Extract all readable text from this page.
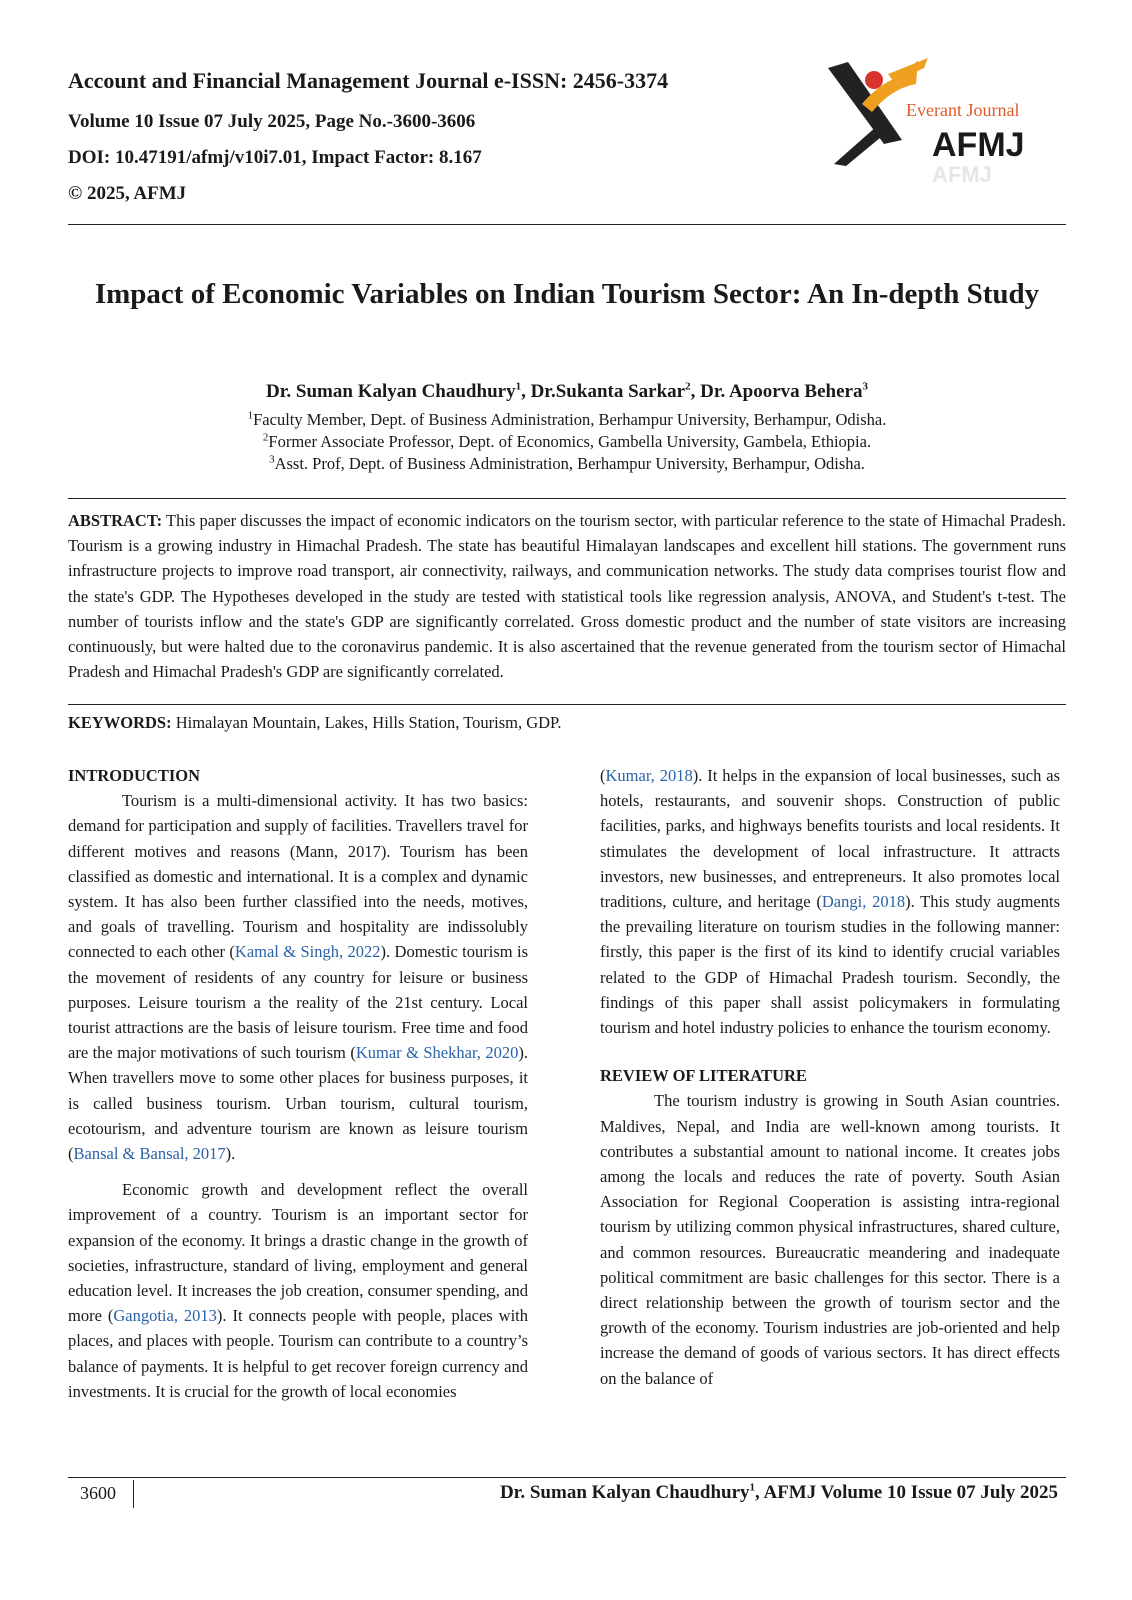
Account and Financial Management Journal e-ISSN: 2456-3374
Volume 10 Issue 07 July 2025, Page No.-3600-3606
DOI: 10.47191/afmj/v10i7.01, Impact Factor: 8.167
© 2025, AFMJ
Everant Journal
AFMJ
AFMJ
Impact of Economic Variables on Indian Tourism Sector: An In-depth Study
Dr. Suman Kalyan Chaudhury$^1$, Dr.Sukanta Sarkar$^2$, Dr. Apoorva Behera$^3$
$^1$Faculty Member, Dept. of Business Administration, Berhampur University, Berhampur, Odisha.
$^2$Former Associate Professor, Dept. of Economics, Gambella University, Gambela, Ethiopia.
$^3$Asst. Prof, Dept. of Business Administration, Berhampur University, Berhampur, Odisha.
ABSTRACT: This paper discusses the impact of economic indicators on the tourism sector, with particular reference to the state of Himachal Pradesh. Tourism is a growing industry in Himachal Pradesh. The state has beautiful Himalayan landscapes and excellent hill stations. The government runs infrastructure projects to improve road transport, air connectivity, railways, and communication networks. The study data comprises tourist flow and the state's GDP. The Hypotheses developed in the study are tested with statistical tools like regression analysis, ANOVA, and Student's t-test. The number of tourists inflow and the state's GDP are significantly correlated. Gross domestic product and the number of state visitors are increasing continuously, but were halted due to the coronavirus pandemic. It is also ascertained that the revenue generated from the tourism sector of Himachal Pradesh and Himachal Pradesh's GDP are significantly correlated.
KEYWORDS: Himalayan Mountain, Lakes, Hills Station, Tourism, GDP.

INTRODUCTION

Tourism is a multi-dimensional activity. It has two basics: demand for participation and supply of facilities. Travellers travel for different motives and reasons (Mann, 2017). Tourism has been classified as domestic and international. It is a complex and dynamic system. It has also been further classified into the needs, motives, and goals of travelling. Tourism and hospitality are indissolubly connected to each other (Kamal & Singh, 2022). Domestic tourism is the movement of residents of any country for leisure or business purposes. Leisure tourism a the reality of the 21st century. Local tourist attractions are the basis of leisure tourism. Free time and food are the major motivations of such tourism (Kumar & Shekhar, 2020). When travellers move to some other places for business purposes, it is called business tourism. Urban tourism, cultural tourism, ecotourism, and adventure tourism are known as leisure tourism (Bansal & Bansal, 2017).

Economic growth and development reflect the overall improvement of a country. Tourism is an important sector for expansion of the economy. It brings a drastic change in the growth of societies, infrastructure, standard of living, employment and general education level. It increases the job creation, consumer spending, and more (Gangotia, 2013). It connects people with people, places with places, and places with people. Tourism can contribute to a country’s balance of payments. It is helpful to get recover foreign currency and investments. It is crucial for the growth of local economies

(Kumar, 2018). It helps in the expansion of local businesses, such as hotels, restaurants, and souvenir shops. Construction of public facilities, parks, and highways benefits tourists and local residents. It stimulates the development of local infrastructure. It attracts investors, new businesses, and entrepreneurs. It also promotes local traditions, culture, and heritage (Dangi, 2018). This study augments the prevailing literature on tourism studies in the following manner: firstly, this paper is the first of its kind to identify crucial variables related to the GDP of Himachal Pradesh tourism. Secondly, the findings of this paper shall assist policymakers in formulating tourism and hotel industry policies to enhance the tourism economy.

REVIEW OF LITERATURE

The tourism industry is growing in South Asian countries. Maldives, Nepal, and India are well-known among tourists. It contributes a substantial amount to national income. It creates jobs among the locals and reduces the rate of poverty. South Asian Association for Regional Cooperation is assisting intra-regional tourism by utilizing common physical infrastructures, shared culture, and common resources. Bureaucratic meandering and inadequate political commitment are basic challenges for this sector. There is a direct relationship between the growth of tourism sector and the growth of the economy. Tourism industries are job-oriented and help increase the demand of goods of various sectors. It has direct effects on the balance of

3600	Dr. Suman Kalyan Chaudhury$^1$, AFMJ Volume 10 Issue 07 July 2025
